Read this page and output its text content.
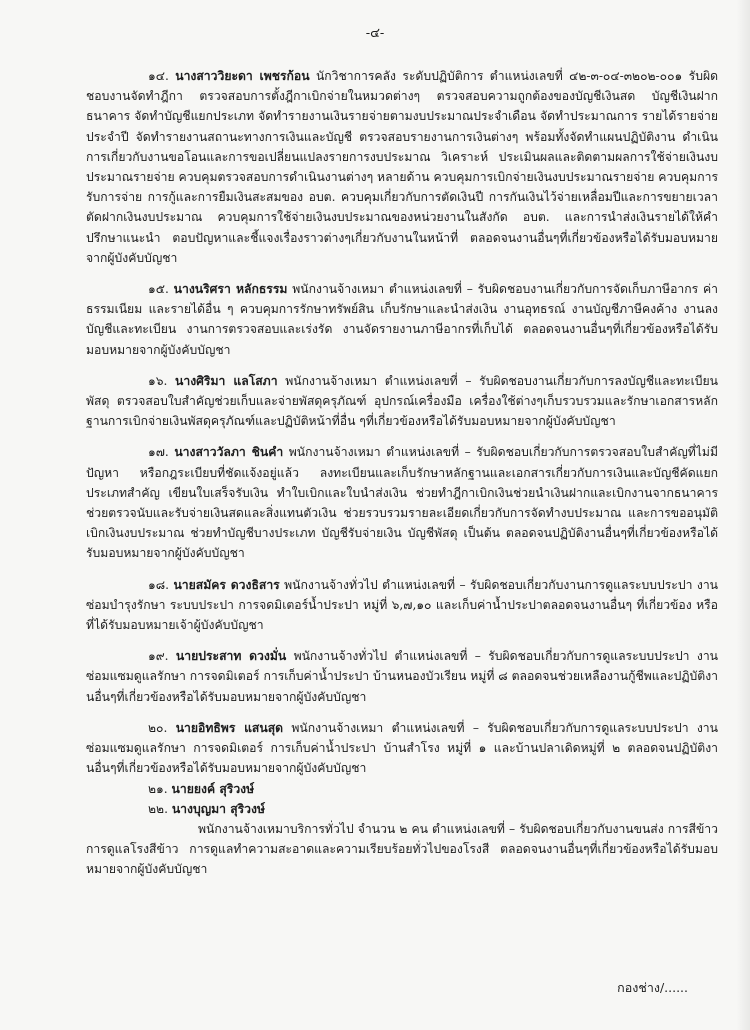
-๔-

๑๔. นางสาววิยะดา เพชรก้อน นักวิชาการคลัง ระดับปฏิบัติการ ตำแหน่งเลขที่ ๔๒-๓-๐๔-๓๒๐๒-๐๐๑ รับผิดชอบงานจัดทำฎีกา ตรวจสอบการตั้งฎีกาเบิกจ่ายในหมวดต่างๆ ตรวจสอบความถูกต้องของบัญชีเงินสด บัญชีเงินฝากธนาคาร จัดทำบัญชีแยกประเภท จัดทำรายงานเงินรายจ่ายตามงบประมาณประจำเดือน จัดทำประมาณการ รายได้รายจ่ายประจำปี จัดทำรายงานสถานะทางการเงินและบัญชี ตรวจสอบรายงานการเงินต่างๆ พร้อมทั้งจัดทำแผนปฏิบัติงาน ดำเนินการเกี่ยวกับงานขอโอนและการขอเปลี่ยนแปลงรายการงบประมาณ วิเคราะห์ ประเมินผลและติดตามผลการใช้จ่ายเงินงบประมาณรายจ่าย ควบคุมตรวจสอบการดำเนินงานต่างๆ หลายด้าน ควบคุมการเบิกจ่ายเงินงบประมาณรายจ่าย ควบคุมการรับการจ่าย การกู้และการยืมเงินสะสมของ อบต. ควบคุมเกี่ยวกับการตัดเงินปี การกันเงินไว้จ่ายเหลื่อมปีและการขยายเวลาตัดฝากเงินงบประมาณ ควบคุมการใช้จ่ายเงินงบประมาณของหน่วยงานในสังกัด อบต. และการนำส่งเงินรายได้ให้คำปรึกษาแนะนำ ตอบปัญหาและชี้แจงเรื่องราวต่างๆเกี่ยวกับงานในหน้าที่ ตลอดจนงานอื่นๆที่เกี่ยวข้องหรือได้รับมอบหมายจากผู้บังคับบัญชา

๑๕. นางนริศรา หลักธรรม พนักงานจ้างเหมา ตำแหน่งเลขที่ – รับผิดชอบงานเกี่ยวกับการจัดเก็บภาษีอากร ค่าธรรมเนียม และรายได้อื่น ๆ ควบคุมการรักษาทรัพย์สิน เก็บรักษาและนำส่งเงิน งานอุทธรณ์ งานบัญชีภาษีคงค้าง งานลงบัญชีและทะเบียน งานการตรวจสอบและเร่งรัด งานจัดรายงานภาษีอากรที่เก็บได้ ตลอดจนงานอื่นๆที่เกี่ยวข้องหรือได้รับมอบหมายจากผู้บังคับบัญชา

๑๖. นางศิริมา แลโสภา พนักงานจ้างเหมา ตำแหน่งเลขที่ – รับผิดชอบงานเกี่ยวกับการลงบัญชีและทะเบียนพัสดุ ตรวจสอบใบสำคัญช่วยเก็บและจ่ายพัสดุครุภัณฑ์ อุปกรณ์เครื่องมือ เครื่องใช้ต่างๆเก็บรวบรวมและรักษาเอกสารหลักฐานการเบิกจ่ายเงินพัสดุครุภัณฑ์และปฏิบัติหน้าที่อื่น ๆที่เกี่ยวข้องหรือได้รับมอบหมายจากผู้บังคับบัญชา

๑๗. นางสาววัลภา ชินคำ พนักงานจ้างเหมา ตำแหน่งเลขที่ – รับผิดชอบเกี่ยวกับการตรวจสอบใบสำคัญที่ไม่มีปัญหา หรือกฎระเบียบที่ชัดแจ้งอยู่แล้ว ลงทะเบียนและเก็บรักษาหลักฐานและเอกสารเกี่ยวกับการเงินและบัญชีคัดแยกประเภทสำคัญ เขียนใบเสร็จรับเงิน ทำใบเบิกและใบนำส่งเงิน ช่วยทำฎีกาเบิกเงินช่วยนำเงินฝากและเบิกงานจากธนาคาร ช่วยตรวจนับและรับจ่ายเงินสดและสิ่งแทนตัวเงิน ช่วยรวบรวมรายละเอียดเกี่ยวกับการจัดทำงบประมาณ และการขออนุมัติเบิกเงินงบประมาณ ช่วยทำบัญชีบางประเภท บัญชีรับจ่ายเงิน บัญชีพัสดุ เป็นต้น ตลอดจนปฏิบัติงานอื่นๆที่เกี่ยวข้องหรือได้รับมอบหมายจากผู้บังคับบัญชา

๑๘. นายสมัคร ดวงธิสาร พนักงานจ้างทั่วไป ตำแหน่งเลขที่ – รับผิดชอบเกี่ยวกับงานการดูแลระบบประปา งานซ่อมบำรุงรักษา ระบบประปา การจดมิเตอร์น้ำประปา หมู่ที่ ๖,๗,๑๐ และเก็บค่าน้ำประปาตลอดจนงานอื่นๆ ที่เกี่ยวข้อง หรือที่ได้รับมอบหมายเจ้าผู้บังคับบัญชา

๑๙. นายประสาท ดวงมั่น พนักงานจ้างทั่วไป ตำแหน่งเลขที่ – รับผิดชอบเกี่ยวกับการดูแลระบบประปา งานซ่อมแซมดูแลรักษา การจดมิเตอร์ การเก็บค่าน้ำประปา บ้านหนองบัวเรียน หมู่ที่ ๘ ตลอดจนช่วยเหลืองานกู้ชีพและปฏิบัติงานอื่นๆที่เกี่ยวข้องหรือได้รับมอบหมายจากผู้บังคับบัญชา

๒๐. นายอิทธิพร แสนสุด พนักงานจ้างเหมา ตำแหน่งเลขที่ – รับผิดชอบเกี่ยวกับการดูแลระบบประปา งานซ่อมแซมดูแลรักษา การจดมิเตอร์ การเก็บค่าน้ำประปา บ้านสำโรง หมู่ที่ ๑ และบ้านปลาเดิดหมู่ที่ ๒ ตลอดจนปฏิบัติงานอื่นๆที่เกี่ยวข้องหรือได้รับมอบหมายจากผู้บังคับบัญชา

๒๑. นายยงค์ สุริวงษ์

๒๒. นางบุญมา สุริวงษ์

พนักงานจ้างเหมาบริการทั่วไป จำนวน ๒ คน ตำแหน่งเลขที่ – รับผิดชอบเกี่ยวกับงานขนส่ง การสีข้าว การดูแลโรงสีข้าว การดูแลทำความสะอาดและความเรียบร้อยทั่วไปของโรงสี ตลอดจนงานอื่นๆที่เกี่ยวข้องหรือได้รับมอบหมายจากผู้บังคับบัญชา

กองช่าง/......
